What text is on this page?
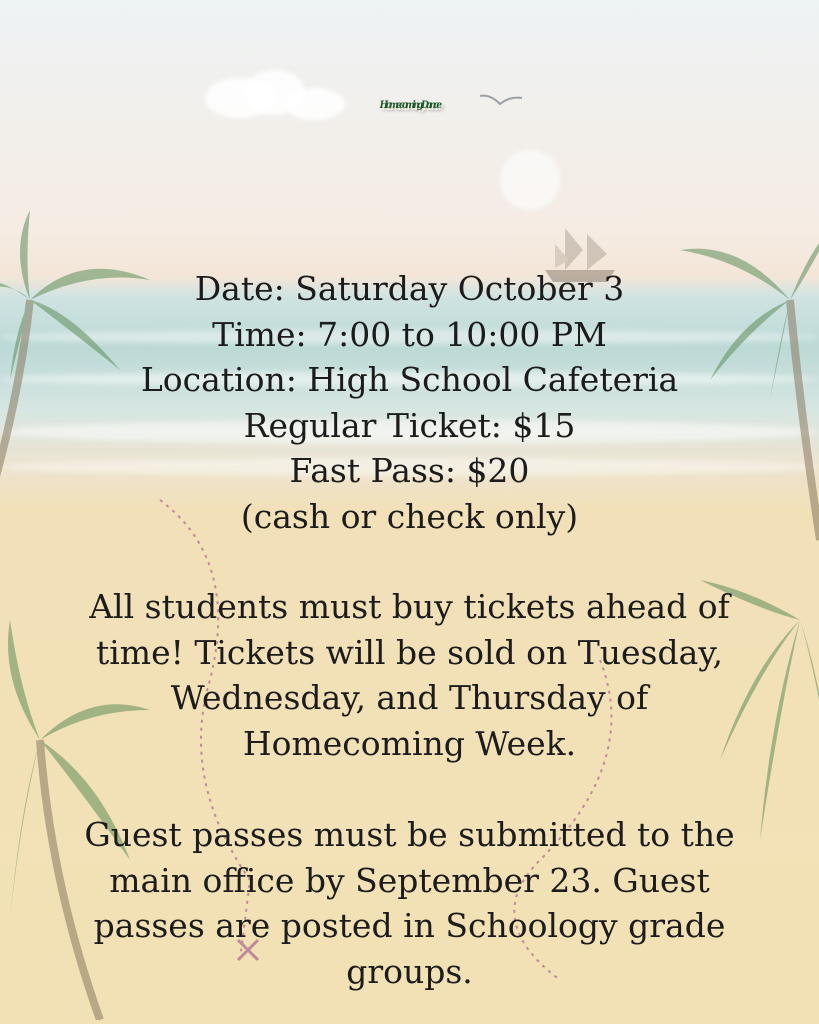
Homecoming Dance
Date: Saturday October 3
Time: 7:00 to 10:00 PM
Location: High School Cafeteria
Regular Ticket: $15
Fast Pass: $20
(cash or check only)
All students must buy tickets ahead of
time! Tickets will be sold on Tuesday,
Wednesday, and Thursday of
Homecoming Week.
Guest passes must be submitted to the
main office by September 23. Guest
passes are posted in Schoology grade
groups.
